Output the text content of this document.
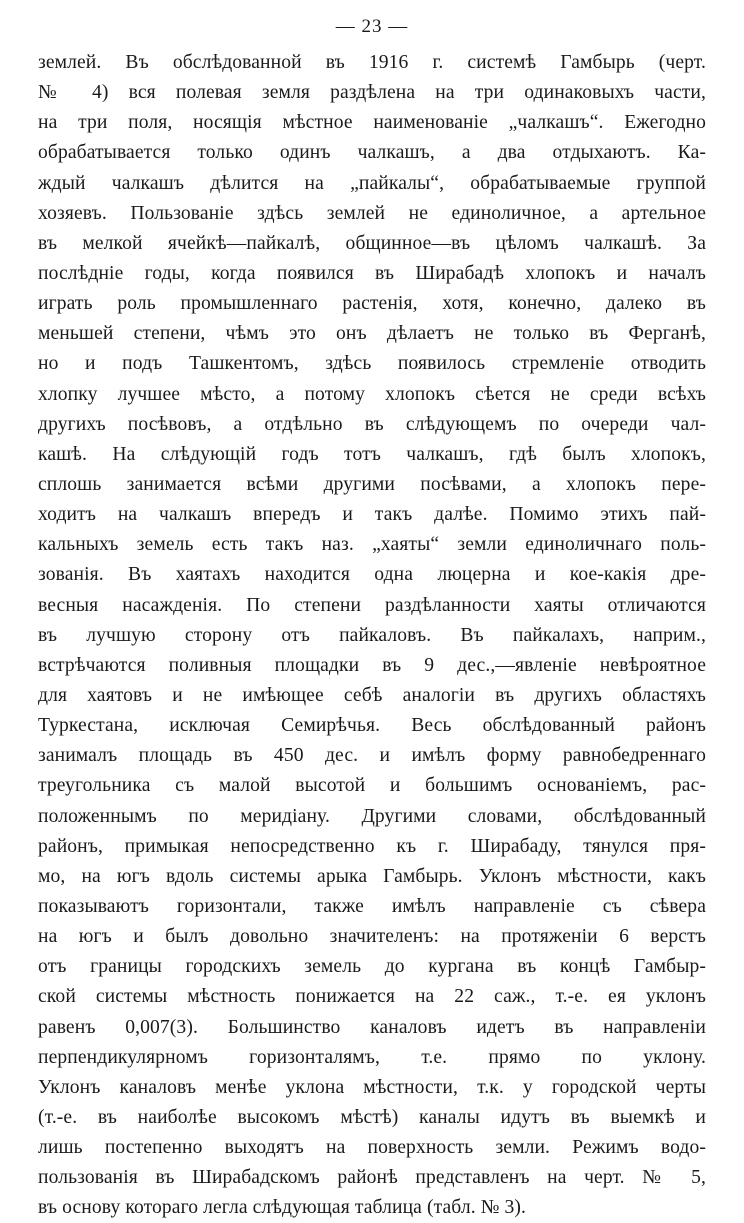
— 23 —
землей. Въ обслѣдованной въ 1916 г. системѣ Гамбырь (черт.
№ 4) вся полевая земля раздѣлена на три одинаковыхъ части,
на три поля, носящія мѣстное наименованіе „чалкашъ“. Ежегодно
обрабатывается только одинъ чалкашъ, а два отдыхаютъ. Ка-
ждый чалкашъ дѣлится на „пайкалы“, обрабатываемые группой
хозяевъ. Пользованіе здѣсь землей не единоличное, а артельное
въ мелкой ячейкѣ—пайкалѣ, общинное—въ цѣломъ чалкашѣ. За
послѣдніе годы, когда появился въ Ширабадѣ хлопокъ и началъ
играть роль промышленнаго растенія, хотя, конечно, далеко въ
меньшей степени, чѣмъ это онъ дѣлаетъ не только въ Ферганѣ,
но и подъ Ташкентомъ, здѣсь появилось стремленіе отводить
хлопку лучшее мѣсто, а потому хлопокъ сѣется не среди всѣхъ
другихъ посѣвовъ, а отдѣльно въ слѣдующемъ по очереди чал-
кашѣ. На слѣдующій годъ тотъ чалкашъ, гдѣ былъ хлопокъ,
сплошь занимается всѣми другими посѣвами, а хлопокъ пере-
ходитъ на чалкашъ впередъ и такъ далѣе. Помимо этихъ пай-
кальныхъ земель есть такъ наз. „хаяты“ земли единоличнаго поль-
зованія. Въ хаятахъ находится одна люцерна и кое-какія дре-
весныя насажденія. По степени раздѣланности хаяты отличаются
въ лучшую сторону отъ пайкаловъ. Въ пайкалахъ, наприм.,
встрѣчаются поливныя площадки въ 9 дес.,—явленіе невѣроятное
для хаятовъ и не имѣющее себѣ аналогіи въ другихъ областяхъ
Туркестана, исключая Семирѣчья. Весь обслѣдованный районъ
занималъ площадь въ 450 дес. и имѣлъ форму равнобедреннаго
треугольника съ малой высотой и большимъ основаніемъ, рас-
положеннымъ по меридіану. Другими словами, обслѣдованный
районъ, примыкая непосредственно къ г. Ширабаду, тянулся пря-
мо, на югъ вдоль системы арыка Гамбырь. Уклонъ мѣстности, какъ
показываютъ горизонтали, также имѣлъ направленіе съ сѣвера
на югъ и былъ довольно значителенъ: на протяженіи 6 верстъ
отъ границы городскихъ земель до кургана въ концѣ Гамбыр-
ской системы мѣстность понижается на 22 саж., т.-е. ея уклонъ
равенъ 0,007(3). Большинство каналовъ идетъ въ направленіи
перпендикулярномъ горизонталямъ, т.е. прямо по уклону.
Уклонъ каналовъ менѣе уклона мѣстности, т.к. у городской черты
(т.-е. въ наиболѣе высокомъ мѣстѣ) каналы идутъ въ выемкѣ и
лишь постепенно выходятъ на поверхность земли. Режимъ водо-
пользованія въ Ширабадскомъ районѣ представленъ на черт. № 5,
въ основу котораго легла слѣдующая таблица (табл. № 3).
